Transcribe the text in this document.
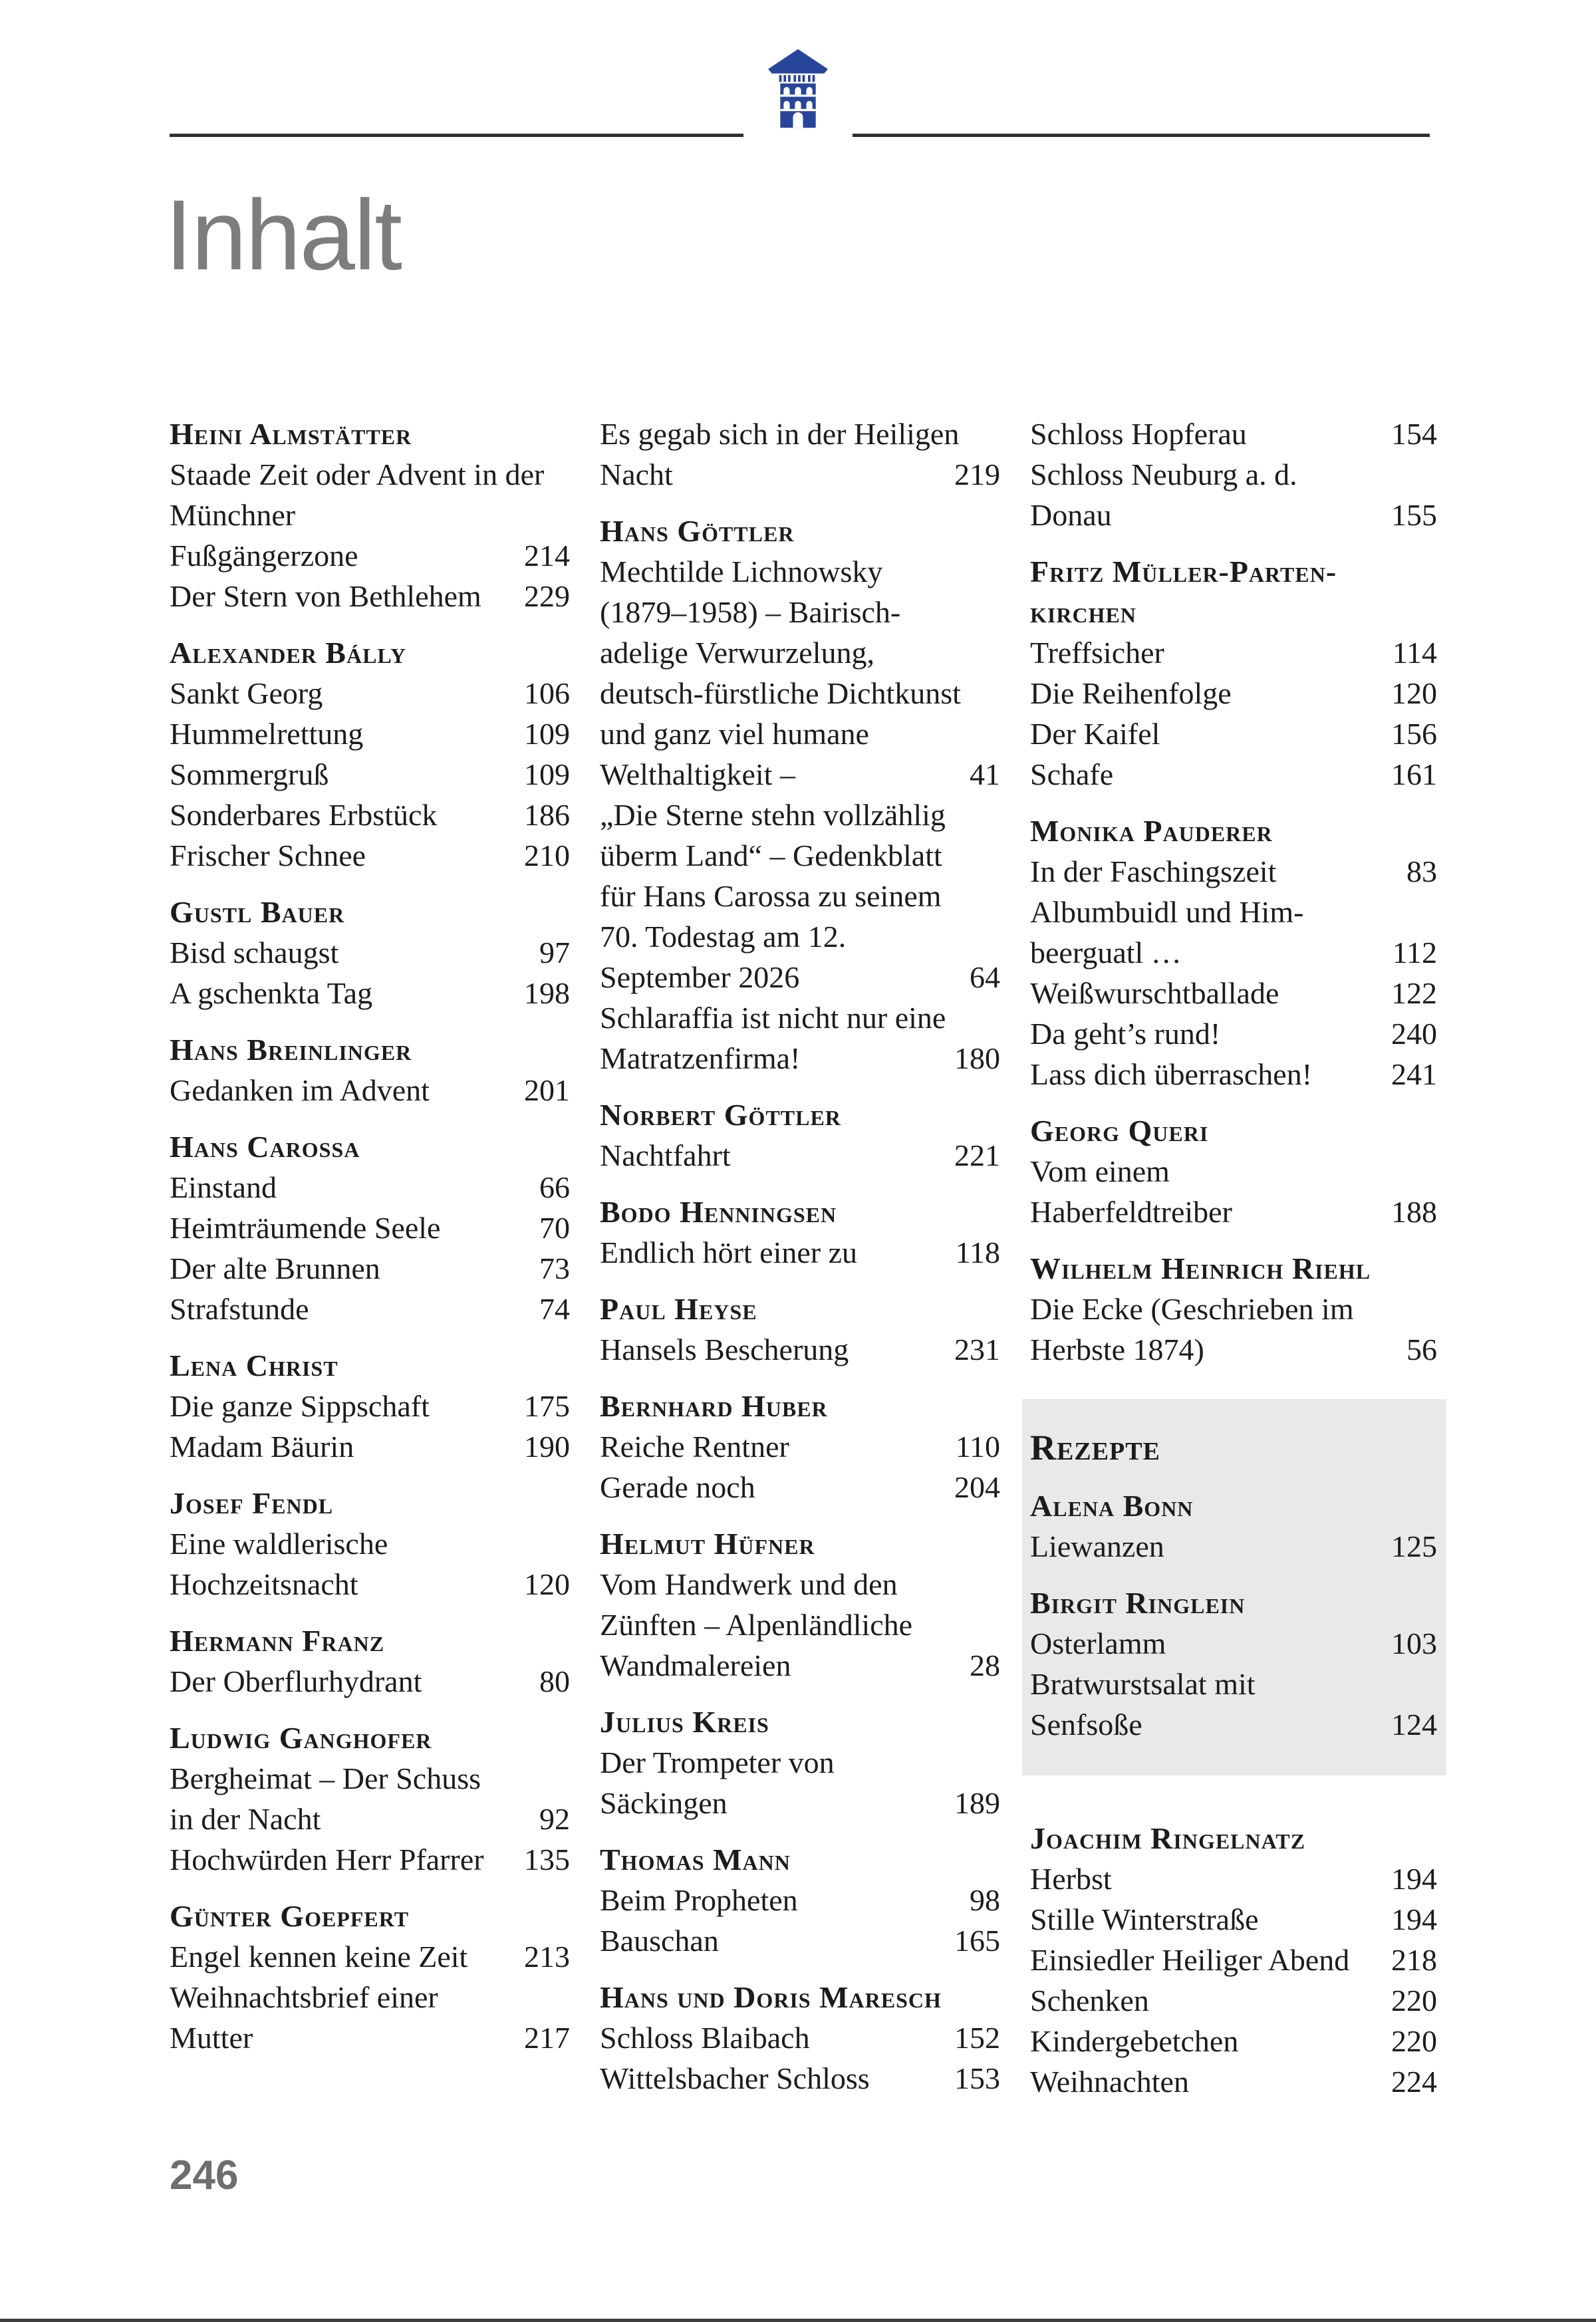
Inhalt
Heini Almstätter
Staade Zeit oder Advent in der
Münchner
Fußgängerzone	214
Der Stern von Bethlehem	229
Alexander Bálly
Sankt Georg	106
Hummelrettung	109
Sommergruß	109
Sonderbares Erbstück	186
Frischer Schnee	210
Gustl Bauer
Bisd schaugst	97
A gschenkta Tag	198
Hans Breinlinger
Gedanken im Advent	201
Hans Carossa
Einstand	66
Heimträumende Seele	70
Der alte Brunnen	73
Strafstunde	74
Lena Christ
Die ganze Sippschaft	175
Madam Bäurin	190
Josef Fendl
Eine waldlerische
Hochzeitsnacht	120
Hermann Franz
Der Oberflurhydrant	80
Ludwig Ganghofer
Bergheimat – Der Schuss
in der Nacht	92
Hochwürden Herr Pfarrer	135
Günter Goepfert
Engel kennen keine Zeit	213
Weihnachtsbrief einer
Mutter	217
Es gegab sich in der Heiligen
Nacht	219
Hans Göttler
Mechtilde Lichnowsky
(1879–1958) – Bairisch-
adelige Verwurzelung,
deutsch-fürstliche Dichtkunst
und ganz viel humane
Welthaltigkeit –	41
„Die Sterne stehn vollzählig
überm Land“ – Gedenkblatt
für Hans Carossa zu seinem
70. Todestag am 12.
September 2026	64
Schlaraffia ist nicht nur eine
Matratzenfirma!	180
Norbert Göttler
Nachtfahrt	221
Bodo Henningsen
Endlich hört einer zu	118
Paul Heyse
Hansels Bescherung	231
Bernhard Huber
Reiche Rentner	110
Gerade noch	204
Helmut Hüfner
Vom Handwerk und den
Zünften – Alpenländliche
Wandmalereien	28
Julius Kreis
Der Trompeter von
Säckingen	189
Thomas Mann
Beim Propheten	98
Bauschan	165
Hans und Doris Maresch
Schloss Blaibach	152
Wittelsbacher Schloss	153
Schloss Hopferau	154
Schloss Neuburg a. d.
Donau	155
Fritz Müller-Parten-
kirchen
Treffsicher	114
Die Reihenfolge	120
Der Kaifel	156
Schafe	161
Monika Pauderer
In der Faschingszeit	83
Albumbuidl und Him-
beerguatl …	112
Weißwurschtballade	122
Da geht’s rund!	240
Lass dich überraschen!	241
Georg Queri
Vom einem
Haberfeldtreiber	188
Wilhelm Heinrich Riehl
Die Ecke (Geschrieben im
Herbste 1874)	56
Rezepte
Alena Bonn
Liewanzen	125
Birgit Ringlein
Osterlamm	103
Bratwurstsalat mit
Senfsoße	124
Joachim Ringelnatz
Herbst	194
Stille Winterstraße	194
Einsiedler Heiliger Abend	218
Schenken	220
Kindergebetchen	220
Weihnachten	224
246
